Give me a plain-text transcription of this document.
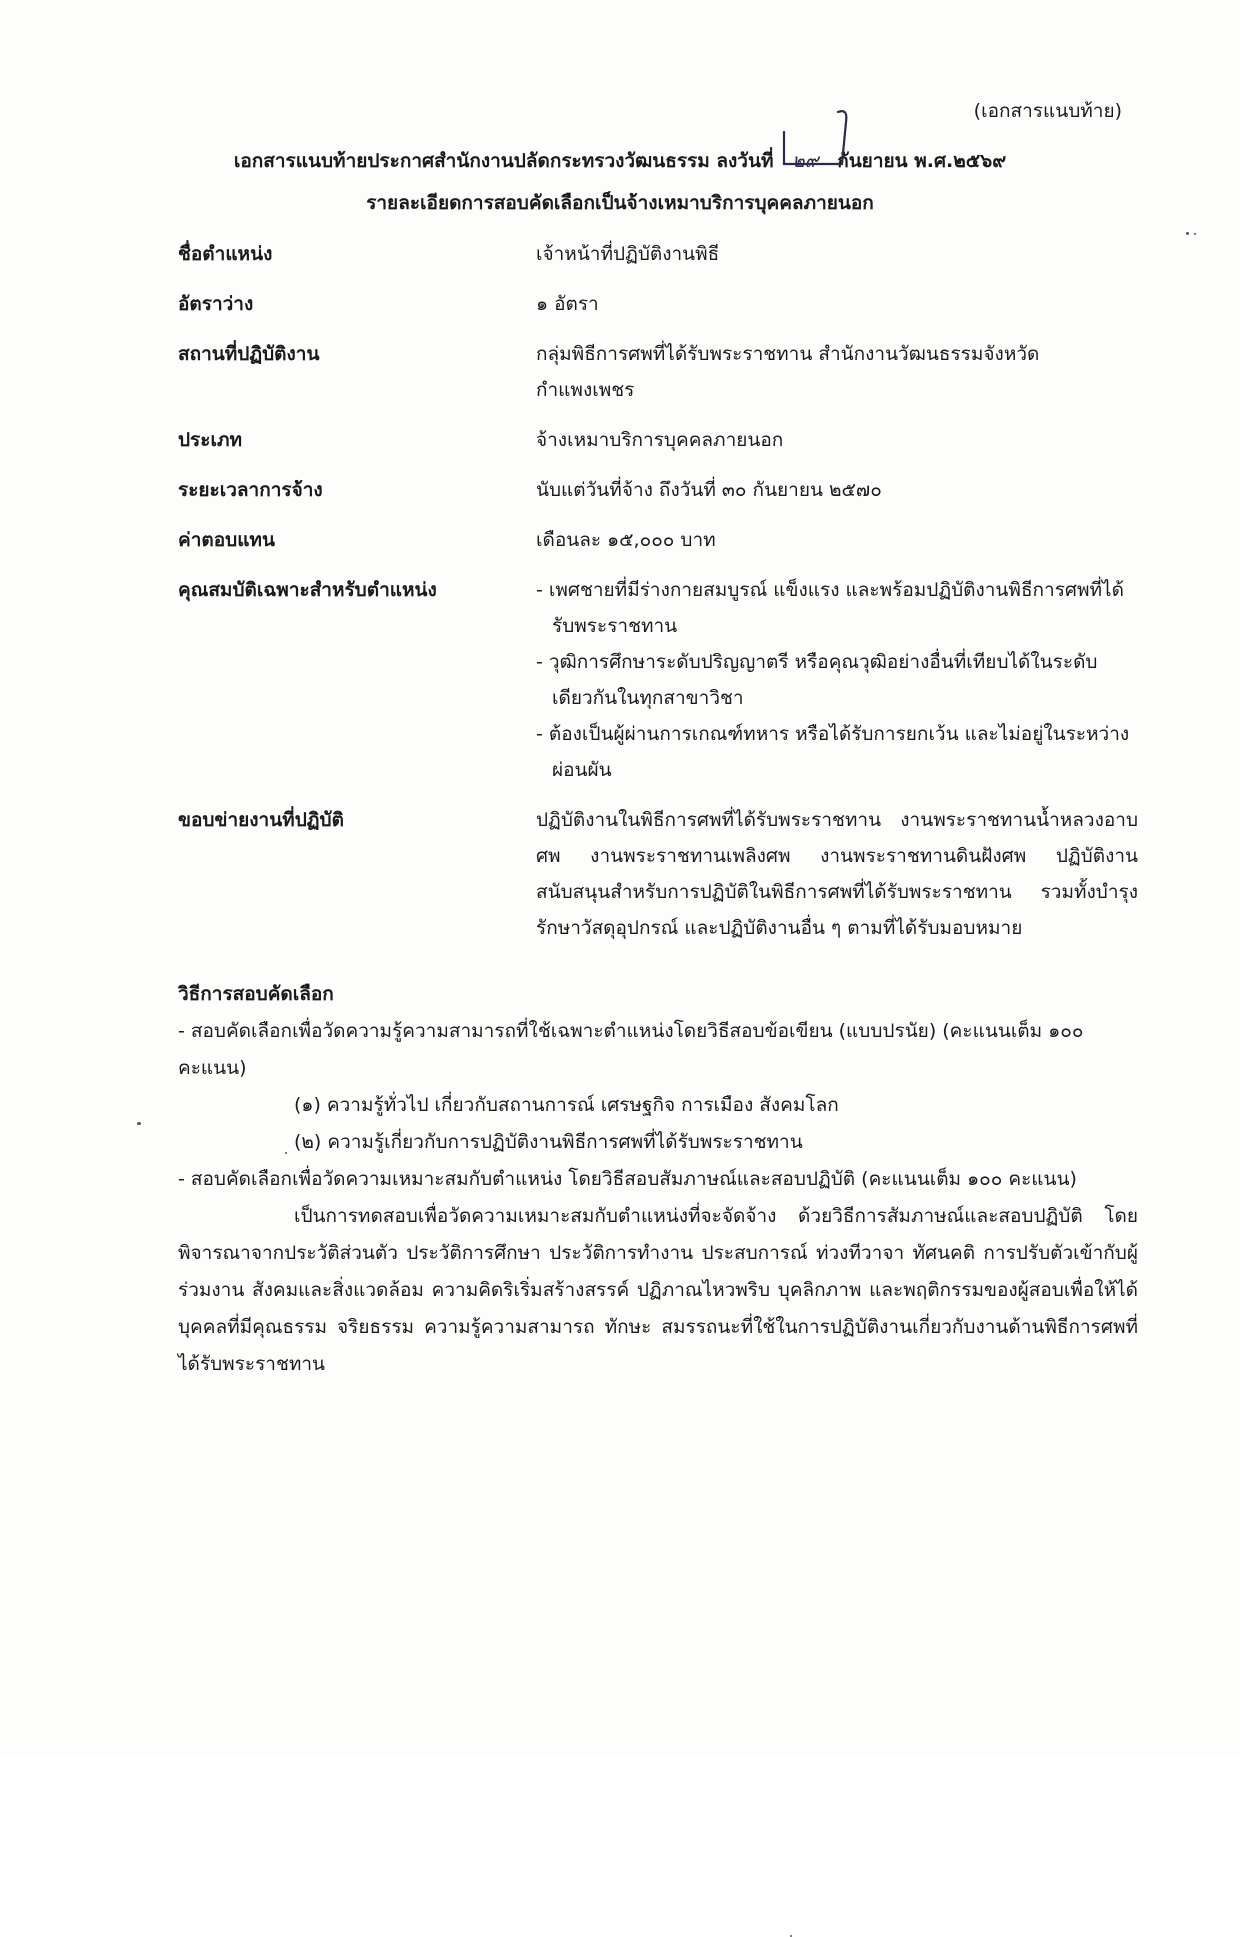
(เอกสารแนบท้าย)
เอกสารแนบท้ายประกาศสำนักงานปลัดกระทรวงวัฒนธรรม ลงวันที่ ๒๙ กันยายน พ.ศ.๒๕๖๙
รายละเอียดการสอบคัดเลือกเป็นจ้างเหมาบริการบุคคลภายนอก
ชื่อตำแหน่ง	เจ้าหน้าที่ปฏิบัติงานพิธี
อัตราว่าง	๑ อัตรา
สถานที่ปฏิบัติงาน	กลุ่มพิธีการศพที่ได้รับพระราชทาน สำนักงานวัฒนธรรมจังหวัดกำแพงเพชร
ประเภท	จ้างเหมาบริการบุคคลภายนอก
ระยะเวลาการจ้าง	นับแต่วันที่จ้าง ถึงวันที่ ๓๐ กันยายน ๒๕๗๐
ค่าตอบแทน	เดือนละ ๑๕,๐๐๐ บาท
คุณสมบัติเฉพาะสำหรับตำแหน่ง	- เพศชายที่มีร่างกายสมบูรณ์ แข็งแรง และพร้อมปฏิบัติงานพิธีการศพที่ได้รับพระราชทาน
- วุฒิการศึกษาระดับปริญญาตรี หรือคุณวุฒิอย่างอื่นที่เทียบได้ในระดับเดียวกันในทุกสาขาวิชา
- ต้องเป็นผู้ผ่านการเกณฑ์ทหาร หรือได้รับการยกเว้น และไม่อยู่ในระหว่างผ่อนผัน
ขอบข่ายงานที่ปฏิบัติ	ปฏิบัติงานในพิธีการศพที่ได้รับพระราชทาน งานพระราชทานน้ำหลวงอาบศพ งานพระราชทานเพลิงศพ งานพระราชทานดินฝังศพ ปฏิบัติงานสนับสนุนสำหรับการปฏิบัติในพิธีการศพที่ได้รับพระราชทาน รวมทั้งบำรุง รักษาวัสดุอุปกรณ์ และปฏิบัติงานอื่น ๆ ตามที่ได้รับมอบหมาย
วิธีการสอบคัดเลือก
- สอบคัดเลือกเพื่อวัดความรู้ความสามารถที่ใช้เฉพาะตำแหน่งโดยวิธีสอบข้อเขียน (แบบปรนัย) (คะแนนเต็ม ๑๐๐ คะแนน)
(๑) ความรู้ทั่วไป เกี่ยวกับสถานการณ์ เศรษฐกิจ การเมือง สังคมโลก
(๒) ความรู้เกี่ยวกับการปฏิบัติงานพิธีการศพที่ได้รับพระราชทาน
- สอบคัดเลือกเพื่อวัดความเหมาะสมกับตำแหน่ง โดยวิธีสอบสัมภาษณ์และสอบปฏิบัติ (คะแนนเต็ม ๑๐๐ คะแนน)
เป็นการทดสอบเพื่อวัดความเหมาะสมกับตำแหน่งที่จะจัดจ้าง ด้วยวิธีการสัมภาษณ์และสอบปฏิบัติ โดยพิจารณาจากประวัติส่วนตัว ประวัติการศึกษา ประวัติการทำงาน ประสบการณ์ ท่วงทีวาจา ทัศนคติ การปรับตัวเข้ากับผู้ร่วมงาน สังคมและสิ่งแวดล้อม ความคิดริเริ่มสร้างสรรค์ ปฏิภาณไหวพริบ บุคลิกภาพ และพฤติกรรมของผู้สอบเพื่อให้ได้บุคคลที่มีคุณธรรม จริยธรรม ความรู้ความสามารถ ทักษะ สมรรถนะที่ใช้ในการปฏิบัติงานเกี่ยวกับงานด้านพิธีการศพที่ได้รับพระราชทาน
